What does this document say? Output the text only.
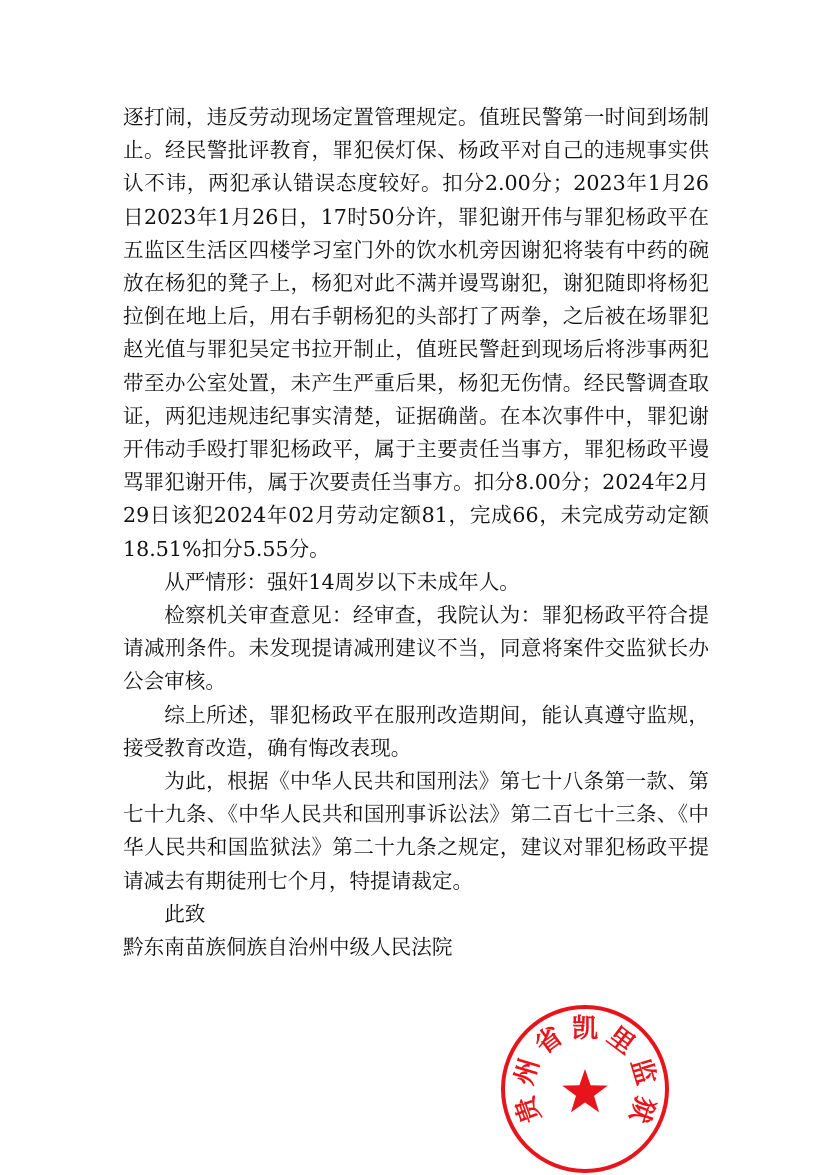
逐打闹，违反劳动现场定置管理规定。值班民警第一时间到场制止。经民警批评教育，罪犯侯灯保、杨政平对自己的违规事实供认不讳，两犯承认错误态度较好。扣分2.00分；2023年1月26日2023年1月26日，17时50分许，罪犯谢开伟与罪犯杨政平在五监区生活区四楼学习室门外的饮水机旁因谢犯将装有中药的碗放在杨犯的凳子上，杨犯对此不满并谩骂谢犯，谢犯随即将杨犯拉倒在地上后，用右手朝杨犯的头部打了两拳，之后被在场罪犯赵光值与罪犯吴定书拉开制止，值班民警赶到现场后将涉事两犯带至办公室处置，未产生严重后果，杨犯无伤情。经民警调查取证，两犯违规违纪事实清楚，证据确凿。在本次事件中，罪犯谢开伟动手殴打罪犯杨政平，属于主要责任当事方，罪犯杨政平谩骂罪犯谢开伟，属于次要责任当事方。扣分8.00分；2024年2月29日该犯2024年02月劳动定额81，完成66，未完成劳动定额18.51%扣分5.55分。

从严情形：强奸14周岁以下未成年人。

检察机关审查意见：经审查，我院认为：罪犯杨政平符合提请减刑条件。未发现提请减刑建议不当，同意将案件交监狱长办公会审核。

综上所述，罪犯杨政平在服刑改造期间，能认真遵守监规，接受教育改造，确有悔改表现。

为此，根据《中华人民共和国刑法》第七十八条第一款、第七十九条、《中华人民共和国刑事诉讼法》第二百七十三条、《中华人民共和国监狱法》第二十九条之规定，建议对罪犯杨政平提请减去有期徒刑七个月，特提请裁定。

此致

黔东南苗族侗族自治州中级人民法院

贵
州
省 凯 里
监
狱
